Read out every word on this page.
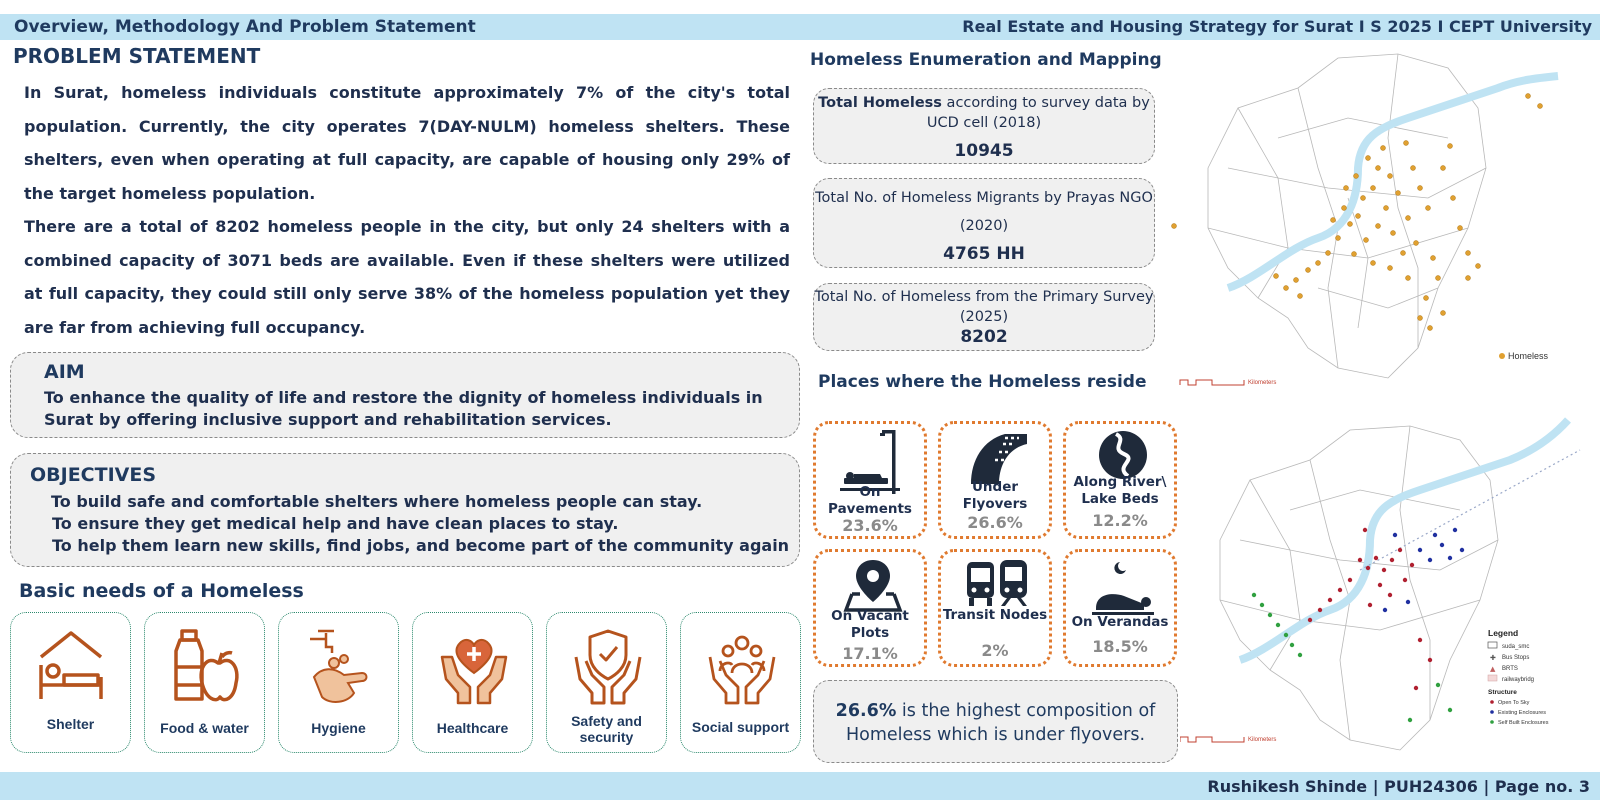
Overview, Methodology And Problem Statement	Real Estate and Housing Strategy for Surat I S 2025 I CEPT University
PROBLEM STATEMENT

In Surat, homeless individuals constitute approximately 7% of the city's total population. Currently, the city operates 7(DAY-NULM) homeless shelters. These shelters, even when operating at full capacity, are capable of housing only 29% of the target homeless population.

There are a total of 8202 homeless people in the city, but only 24 shelters with a combined capacity of 3071 beds are available. Even if these shelters were utilized at full capacity, they could still only serve 38% of the homeless population yet they are far from achieving full occupancy.

AIM
To enhance the quality of life and restore the dignity of homeless individuals in Surat by offering inclusive support and rehabilitation services.
OBJECTIVES
To build safe and comfortable shelters where homeless people can stay.
To ensure they get medical help and have clean places to stay.
To help them learn new skills, find jobs, and become part of the community again
Basic needs of a Homeless
Shelter	Food & water	Hygiene	Healthcare	Safety and security
Social support
Homeless Enumeration and Mapping
Total Homeless according to survey data by UCD cell (2018)
10945
Total No. of Homeless Migrants by Prayas NGO (2020)
4765 HH
Total No. of Homeless from the Primary Survey (2025)
8202
Places where the Homeless reside
On Pavements
23.6%
Under Flyovers
26.6%
Along River\ Lake Beds
12.2%
On Vacant Plots
17.1%
Transit Nodes
2%
On Verandas
18.5%
26.6% is the highest composition of Homeless which is under flyovers.
Homeless
Kilometers
Legend
suda_smc
✚ Bus Stops
▲ BRTS
railwaybridg
Structure
Open To Sky
Existing Enclosures
Self Built Enclosures
Kilometers
Rushikesh Shinde | PUH24306 | Page no. 3
